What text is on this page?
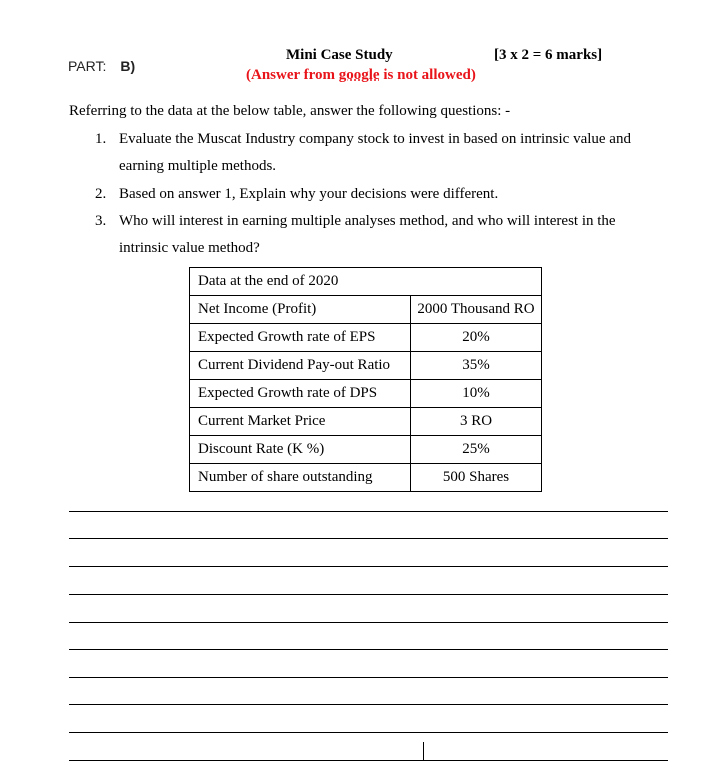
PART: B)
Mini Case Study	[3 x 2 = 6 marks]
(Answer from google is not allowed)
Referring to the data at the below table, answer the following questions: -
1. Evaluate the Muscat Industry company stock to invest in based on intrinsic value and
earning multiple methods.
2. Based on answer 1, Explain why your decisions were different.
3. Who will interest in earning multiple analyses method, and who will interest in the
intrinsic value method?
Data at the end of 2020	
Net Income (Profit)	2000 Thousand RO
Expected Growth rate of EPS	20%
Current Dividend Pay-out Ratio	35%
Expected Growth rate of DPS	10%
Current Market Price	3 RO
Discount Rate (K %)	25%
Number of share outstanding	500 Shares
